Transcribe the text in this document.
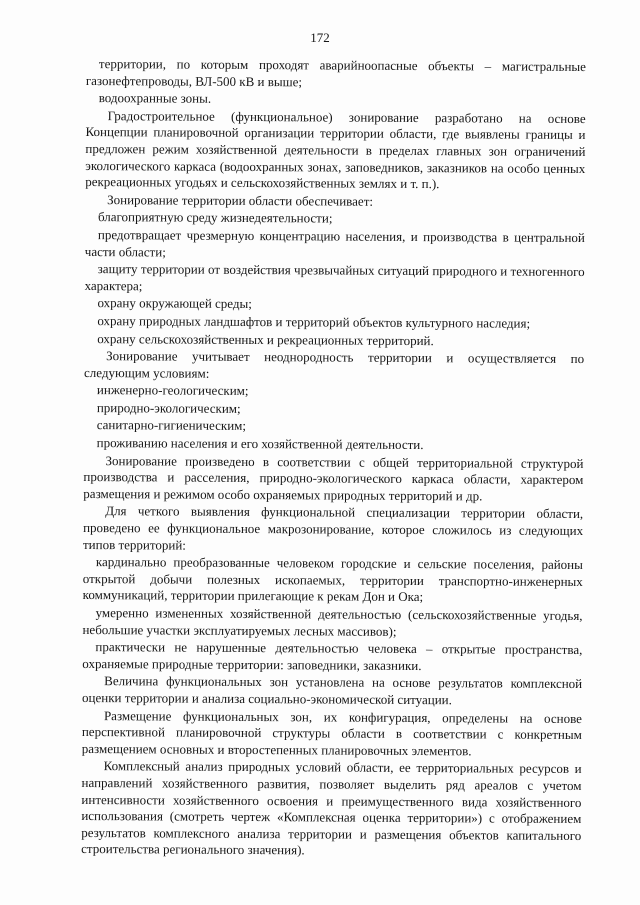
172

территории, по которым проходят аварийноопасные объекты – магистральные газонефтепроводы, ВЛ-500 кВ и выше;

водоохранные зоны.

Градостроительное (функциональное) зонирование разработано на основе Концепции планировочной организации территории области, где выявлены границы и предложен режим хозяйственной деятельности в пределах главных зон ограничений экологического каркаса (водоохранных зонах, заповедников, заказников на особо ценных рекреационных угодьях и сельскохозяйственных землях и т. п.).

Зонирование территории области обеспечивает:

благоприятную среду жизнедеятельности;

предотвращает чрезмерную концентрацию населения, и производства в центральной части области;

защиту территории от воздействия чрезвычайных ситуаций природного и техногенного характера;

охрану окружающей среды;

охрану природных ландшафтов и территорий объектов культурного наследия;

охрану сельскохозяйственных и рекреационных территорий.

Зонирование учитывает неоднородность территории и осуществляется по следующим условиям:

инженерно-геологическим;

природно-экологическим;

санитарно-гигиеническим;

проживанию населения и его хозяйственной деятельности.

Зонирование произведено в соответствии с общей территориальной структурой производства и расселения, природно-экологического каркаса области, характером размещения и режимом особо охраняемых природных территорий и др.

Для четкого выявления функциональной специализации территории области, проведено ее функциональное макрозонирование, которое сложилось из следующих типов территорий:

кардинально преобразованные человеком городские и сельские поселения, районы открытой добычи полезных ископаемых, территории транспортно-инженерных коммуникаций, территории прилегающие к рекам Дон и Ока;

умеренно измененных хозяйственной деятельностью (сельскохозяйственные угодья, небольшие участки эксплуатируемых лесных массивов);

практически не нарушенные деятельностью человека – открытые пространства, охраняемые природные территории: заповедники, заказники.

Величина функциональных зон установлена на основе результатов комплексной оценки территории и анализа социально-экономической ситуации.

Размещение функциональных зон, их конфигурация, определены на основе перспективной планировочной структуры области в соответствии с конкретным размещением основных и второстепенных планировочных элементов.

Комплексный анализ природных условий области, ее территориальных ресурсов и направлений хозяйственного развития, позволяет выделить ряд ареалов с учетом интенсивности хозяйственного освоения и преимущественного вида хозяйственного использования (смотреть чертеж «Комплексная оценка территории») с отображением результатов комплексного анализа территории и размещения объектов капитального строительства регионального значения).
